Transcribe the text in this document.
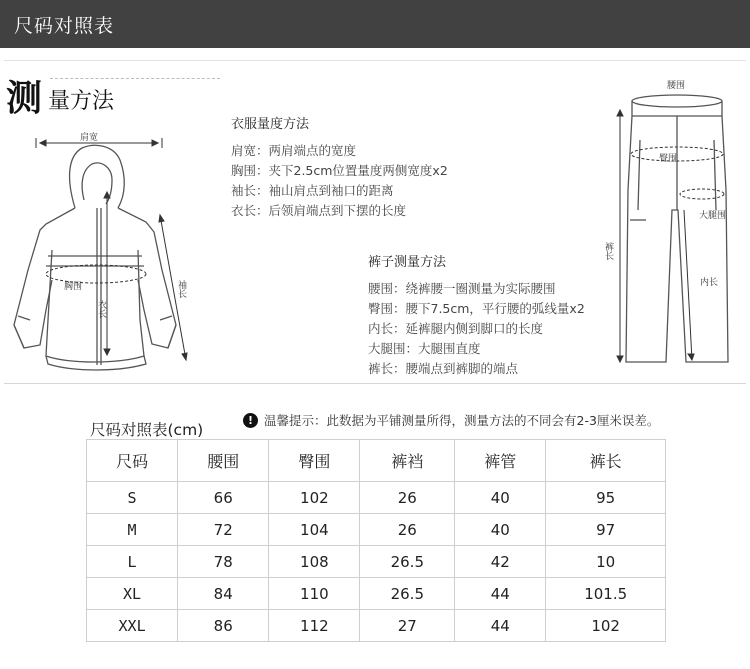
尺码对照表
测 量方法
肩宽
胸围
衣长
袖长
衣服量度方法
肩宽：两肩端点的宽度
胸围：夹下2.5cm位置量度两侧宽度x2
袖长：袖山肩点到袖口的距离
衣长：后领肩端点到下摆的长度
裤子测量方法
腰围：绕裤腰一圈测量为实际腰围
臀围：腰下7.5cm，平行腰的弧线量x2
内长：延裤腿内侧到脚口的长度
大腿围：大腿围直度
裤长：腰端点到裤脚的端点
腰围
臀围
大腿围
裤长
内长
尺码对照表(cm)
! 温馨提示：此数据为平铺测量所得，测量方法的不同会有2-3厘米误差。
尺码	腰围	臀围	裤裆	裤管	裤长
S	66	102	26	40	95
M	72	104	26	40	97
L	78	108	26.5	42	10
XL	84	110	26.5	44	101.5
XXL	86	112	27	44	102
